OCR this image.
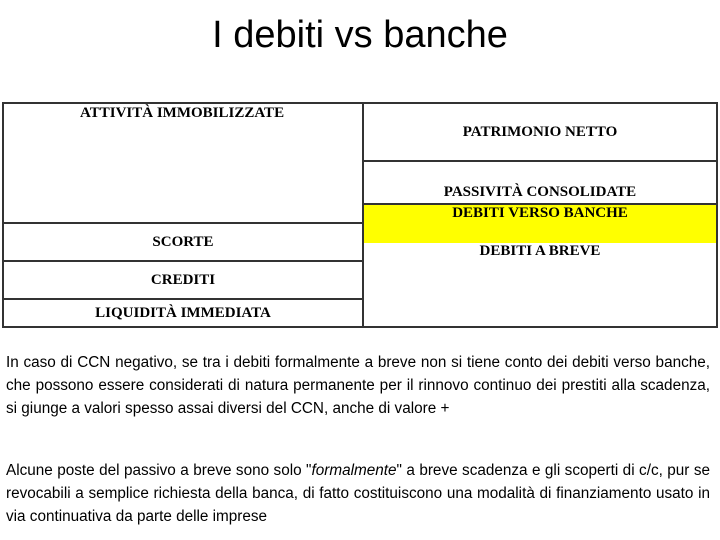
I debiti vs banche
ATTIVITÀ IMMOBILIZZATE
SCORTE
CREDITI
LIQUIDITÀ IMMEDIATA
PATRIMONIO NETTO
PASSIVITÀ CONSOLIDATE
DEBITI VERSO BANCHE
DEBITI A BREVE

In caso di CCN negativo, se tra i debiti formalmente a breve non si tiene conto dei debiti verso banche, che possono essere considerati di natura permanente per il rinnovo continuo dei prestiti alla scadenza, si giunge a valori spesso assai diversi del CCN, anche di valore +

Alcune poste del passivo a breve sono solo "formalmente" a breve scadenza e gli scoperti di c/c, pur se revocabili a semplice richiesta della banca, di fatto costituiscono una modalità di finanziamento usato in via continuativa da parte delle imprese
